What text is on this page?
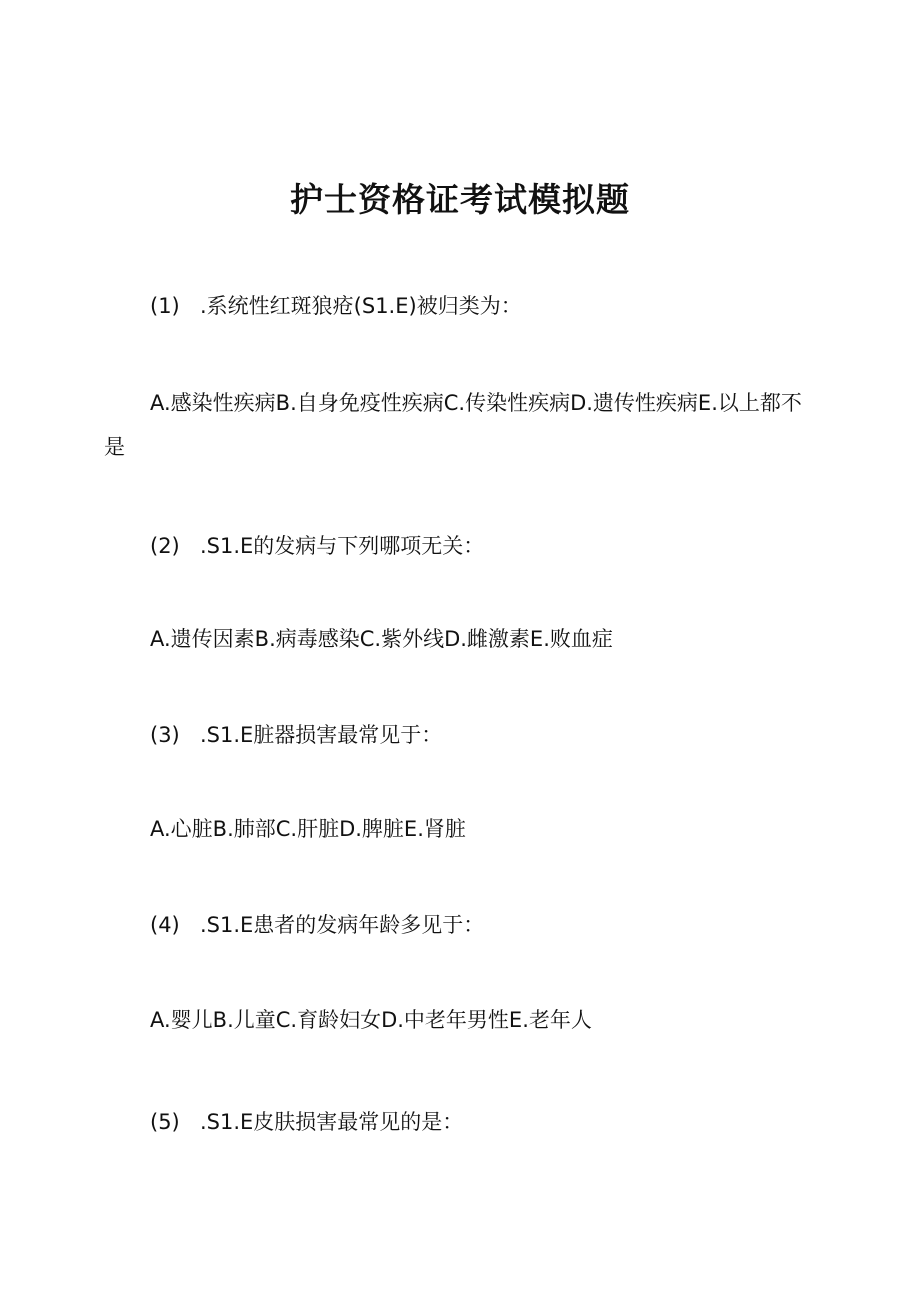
护士资格证考试模拟题
(1) .系统性红斑狼疮(S1.E)被归类为：
A.感染性疾病B.自身免疫性疾病C.传染性疾病D.遗传性疾病E.以上都不是
(2) .S1.E的发病与下列哪项无关：
A.遗传因素B.病毒感染C.紫外线D.雌激素E.败血症
(3) .S1.E脏器损害最常见于：
A.心脏B.肺部C.肝脏D.脾脏E.肾脏
(4) .S1.E患者的发病年龄多见于：
A.婴儿B.儿童C.育龄妇女D.中老年男性E.老年人
(5) .S1.E皮肤损害最常见的是：
